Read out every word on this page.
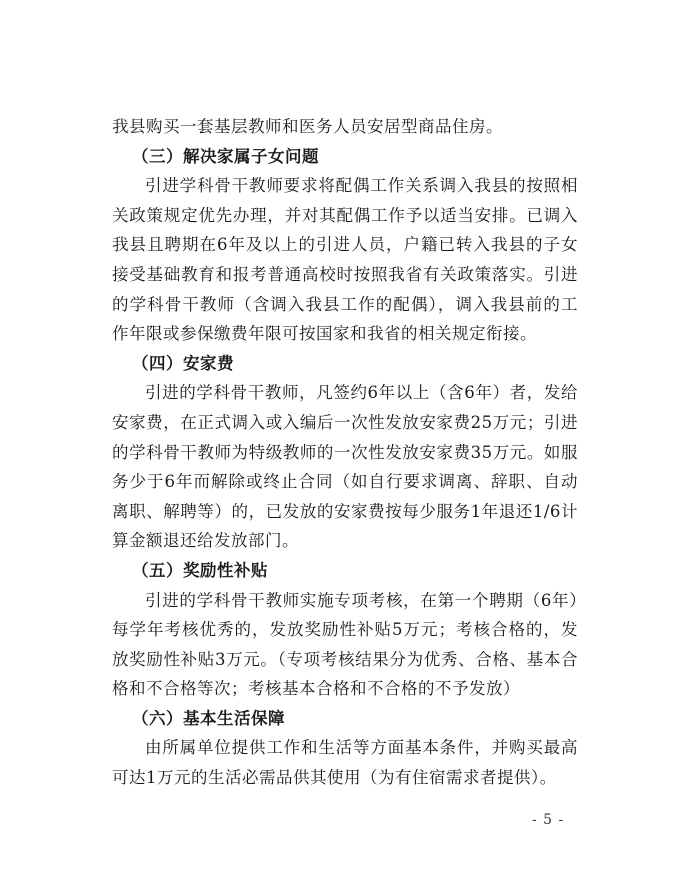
我县购买一套基层教师和医务人员安居型商品住房。

（三）解决家属子女问题

引进学科骨干教师要求将配偶工作关系调入我县的按照相关政策规定优先办理，并对其配偶工作予以适当安排。已调入我县且聘期在6年及以上的引进人员，户籍已转入我县的子女接受基础教育和报考普通高校时按照我省有关政策落实。引进的学科骨干教师（含调入我县工作的配偶），调入我县前的工作年限或参保缴费年限可按国家和我省的相关规定衔接。

（四）安家费

引进的学科骨干教师，凡签约6年以上（含6年）者，发给安家费，在正式调入或入编后一次性发放安家费25万元；引进的学科骨干教师为特级教师的一次性发放安家费35万元。如服务少于6年而解除或终止合同（如自行要求调离、辞职、自动离职、解聘等）的，已发放的安家费按每少服务1年退还1/6计算金额退还给发放部门。

（五）奖励性补贴

引进的学科骨干教师实施专项考核，在第一个聘期（6年）每学年考核优秀的，发放奖励性补贴5万元；考核合格的，发放奖励性补贴3万元。（专项考核结果分为优秀、合格、基本合格和不合格等次；考核基本合格和不合格的不予发放）

（六）基本生活保障

由所属单位提供工作和生活等方面基本条件，并购买最高可达1万元的生活必需品供其使用（为有住宿需求者提供）。

- 5 -
